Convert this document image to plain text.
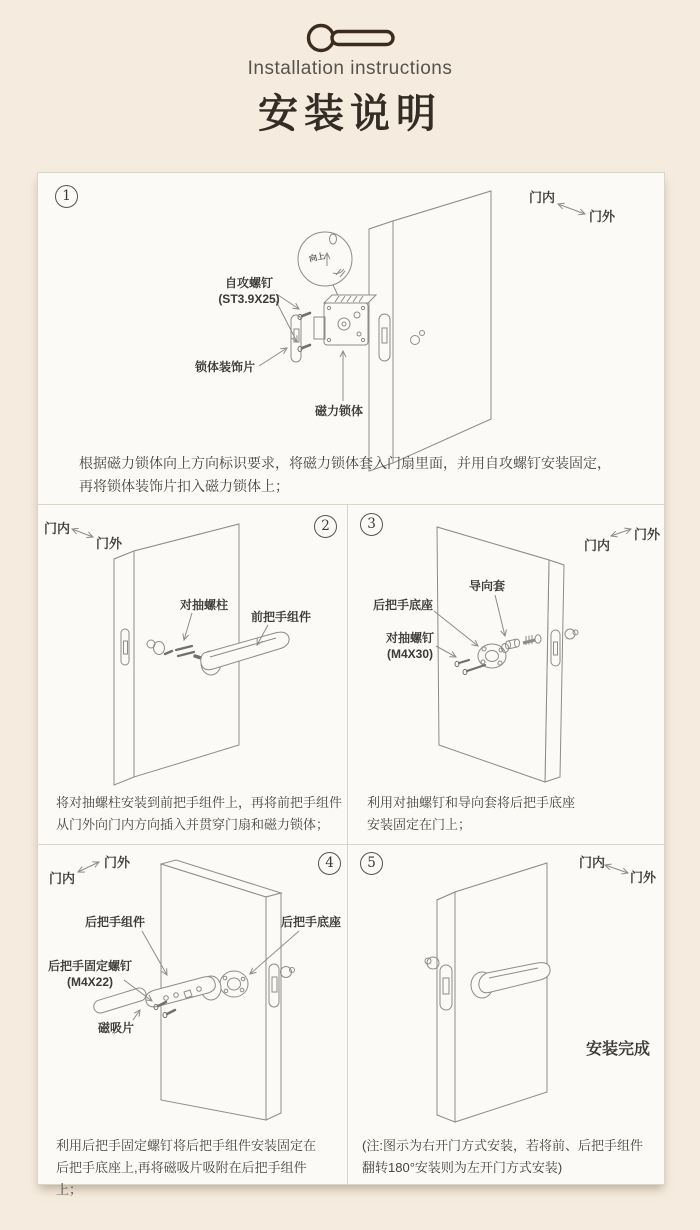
Installation instructions
安装说明
1	门内
门外
向上
自攻螺钉
(ST3.9X25)
锁体装饰片
磁力锁体
根据磁力锁体向上方向标识要求，将磁力锁体套入门扇里面，并用自攻螺钉安装固定，再将锁体装饰片扣入磁力锁体上；
2
门内
门外
对抽螺柱
前把手组件
将对抽螺柱安装到前把手组件上，再将前把手组件从门外向门内方向插入并贯穿门扇和磁力锁体；
3
门内
门外
导向套
后把手底座
对抽螺钉
(M4X30)
利用对抽螺钉和导向套将后把手底座安装固定在门上；
4
门外
门内
后把手组件	后把手底座
后把手固定螺钉
(M4X22)
磁吸片
利用后把手固定螺钉将后把手组件安装固定在后把手底座上,再将磁吸片吸附在后把手组件上；
5	门内
门外
安装完成
(注:图示为右开门方式安装，若将前、后把手组件翻转180°安装则为左开门方式安装)
